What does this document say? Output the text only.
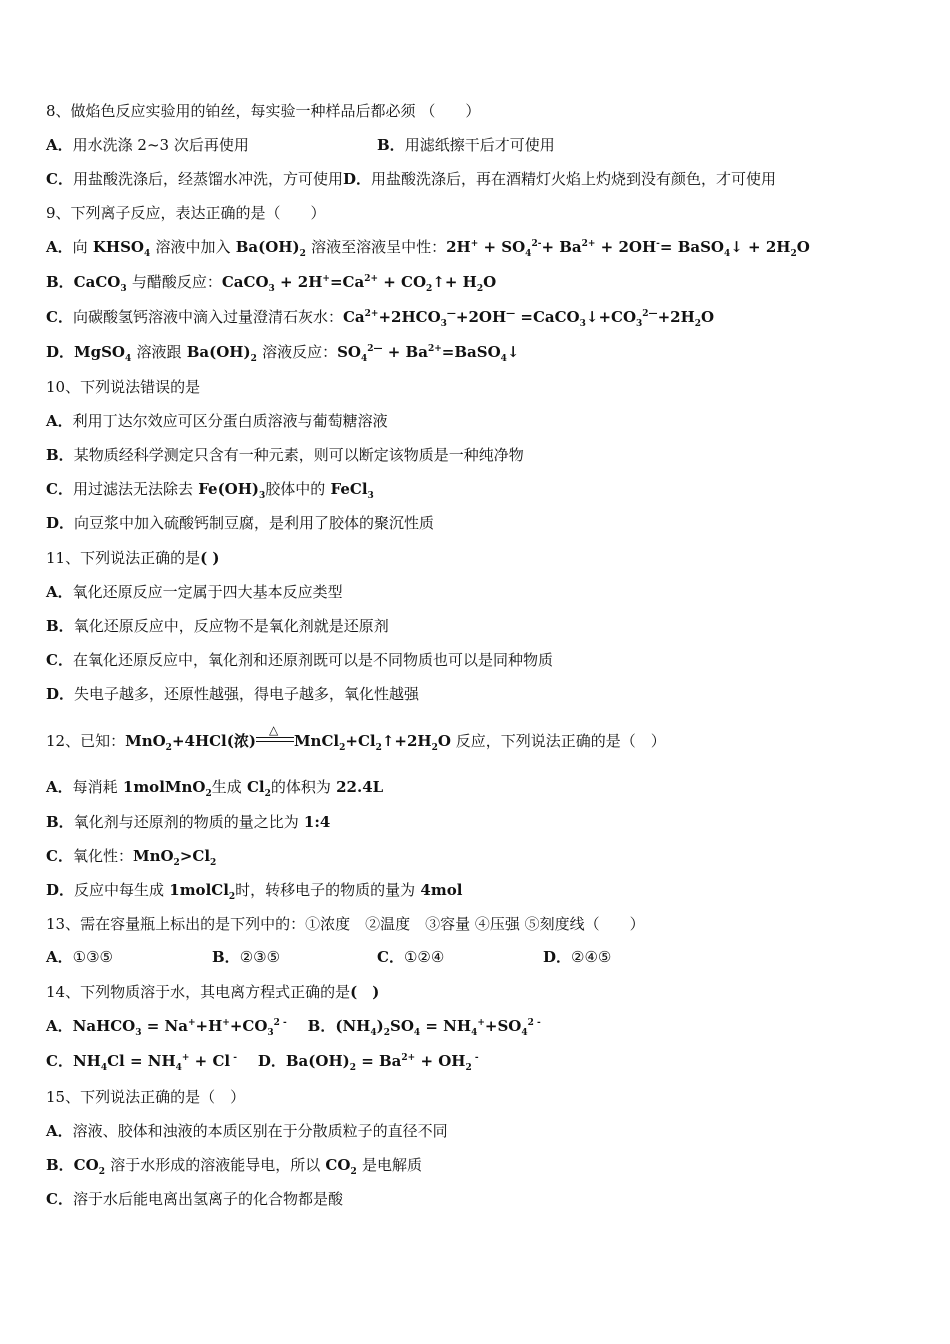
8、做焰色反应实验用的铂丝，每实验一种样品后都必须 （　　）
A．用水洗涤 2~3 次后再使用	B．用滤纸擦干后才可使用
C．用盐酸洗涤后，经蒸馏水冲洗，方可使用D．用盐酸洗涤后，再在酒精灯火焰上灼烧到没有颜色，才可使用
9、下列离子反应，表达正确的是（　　）
A．向 $KHSO_4$ 溶液中加入 $Ba(OH)_2$ 溶液至溶液呈中性：$2H^+ + SO_4^{2-}+ Ba^{2+} + 2OH^-=$ BaSO$_4$↓ + $2H_2O$
B．CaCO$_3$ 与醋酸反应：CaCO$_3$ + $2H^+=Ca^{2+}$ + $CO_2↑+ H_2O$
C．向碳酸氢钙溶液中滴入过量澄清石灰水：$Ca^{2+}+2HCO_3^—+2OH^—$ $=CaCO_3↓+CO_3^{2—}+2H_2O$
D．MgSO$_4$ 溶液跟 $Ba(OH)_2$ 溶液反应：$SO_4^{2—}$ + $Ba^{2+}=BaSO_4↓$
10、下列说法错误的是
A．利用丁达尔效应可区分蛋白质溶液与葡萄糖溶液
B．某物质经科学测定只含有一种元素，则可以断定该物质是一种纯净物
C．用过滤法无法除去 $Fe(OH)_3$胶体中的 FeCl$_3$
D．向豆浆中加入硫酸钙制豆腐，是利用了胶体的聚沉性质
11、下列说法正确的是( )
A．氧化还原反应一定属于四大基本反应类型
B．氧化还原反应中，反应物不是氧化剂就是还原剂
C．在氧化还原反应中，氧化剂和还原剂既可以是不同物质也可以是同种物质
D．失电子越多，还原性越强，得电子越多，氧化性越强
12、已知：MnO$_2$+4HCl(浓)
△
$MnCl_2+Cl_2↑+2H_2O$ 反应，下列说法正确的是（　）
A．每消耗 1molMnO$_2$生成 $Cl_2$的体积为 22.4L
B．氧化剂与还原剂的物质的量之比为 1:4
C．氧化性：$MnO_2>Cl_2$
D．反应中每生成 1molCl$_2$时，转移电子的物质的量为 4mol
13、需在容量瓶上标出的是下列中的：①浓度　②温度　③容量 ④压强 ⑤刻度线（　　）
A．①③⑤	B．②③⑤	C．①②④	D．②④⑤
14、下列物质溶于水，其电离方程式正确的是(　)
A．NaHCO$_3$ = $Na^++H^++CO_3^{2 -}$    B．$(NH_4)_2SO_4 = NH_4^++SO_4^{2 -}$
C．$NH_4Cl = NH_4^+ + Cl$ -    D．$Ba(OH)_2 = Ba^{2+} + OH_2$ -
15、下列说法正确的是（　）
A．溶液、胶体和浊液的本质区别在于分散质粒子的直径不同
B．$CO_2$ 溶于水形成的溶液能导电，所以 $CO_2$ 是电解质
C．溶于水后能电离出氢离子的化合物都是酸
